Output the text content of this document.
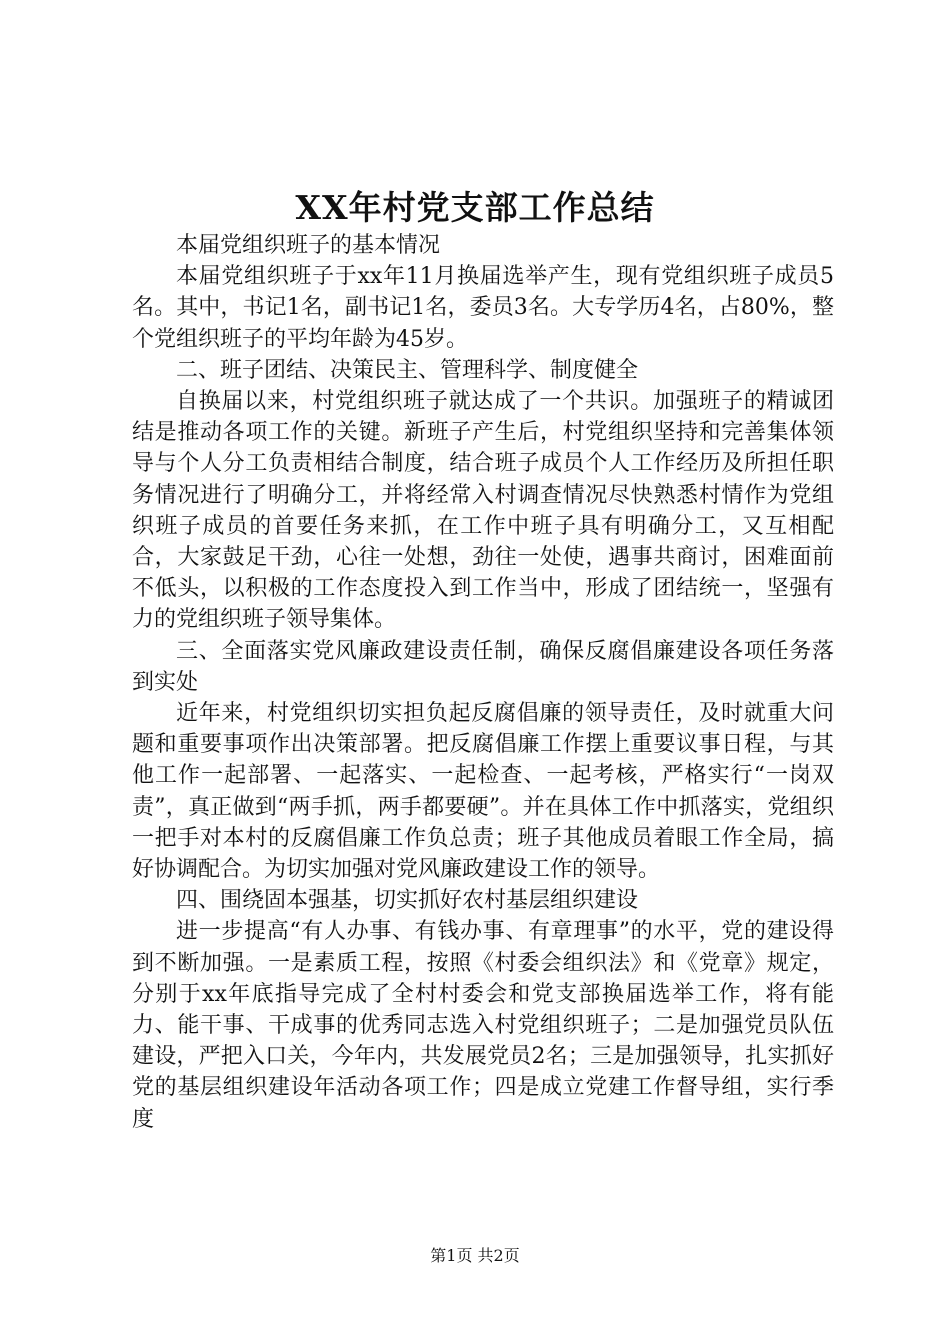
XX年村党支部工作总结

本届党组织班子的基本情况

本届党组织班子于xx年11月换届选举产生，现有党组织班子成员5名。其中，书记1名，副书记1名，委员3名。大专学历4名，占80%，整个党组织班子的平均年龄为45岁。

二、班子团结、决策民主、管理科学、制度健全

自换届以来，村党组织班子就达成了一个共识。加强班子的精诚团结是推动各项工作的关键。新班子产生后，村党组织坚持和完善集体领导与个人分工负责相结合制度，结合班子成员个人工作经历及所担任职务情况进行了明确分工，并将经常入村调查情况尽快熟悉村情作为党组织班子成员的首要任务来抓，在工作中班子具有明确分工，又互相配合，大家鼓足干劲，心往一处想，劲往一处使，遇事共商讨，困难面前不低头，以积极的工作态度投入到工作当中，形成了团结统一，坚强有力的党组织班子领导集体。

三、全面落实党风廉政建设责任制，确保反腐倡廉建设各项任务落到实处

近年来，村党组织切实担负起反腐倡廉的领导责任，及时就重大问题和重要事项作出决策部署。把反腐倡廉工作摆上重要议事日程，与其他工作一起部署、一起落实、一起检查、一起考核，严格实行“一岗双责”，真正做到“两手抓，两手都要硬”。并在具体工作中抓落实，党组织一把手对本村的反腐倡廉工作负总责；班子其他成员着眼工作全局，搞好协调配合。为切实加强对党风廉政建设工作的领导。

四、围绕固本强基，切实抓好农村基层组织建设

进一步提高“有人办事、有钱办事、有章理事”的水平，党的建设得到不断加强。一是素质工程，按照《村委会组织法》和《党章》规定，分别于xx年底指导完成了全村村委会和党支部换届选举工作，将有能力、能干事、干成事的优秀同志选入村党组织班子；二是加强党员队伍建设，严把入口关，今年内，共发展党员2名；三是加强领导，扎实抓好党的基层组织建设年活动各项工作；四是成立党建工作督导组，实行季度

第1页 共2页
